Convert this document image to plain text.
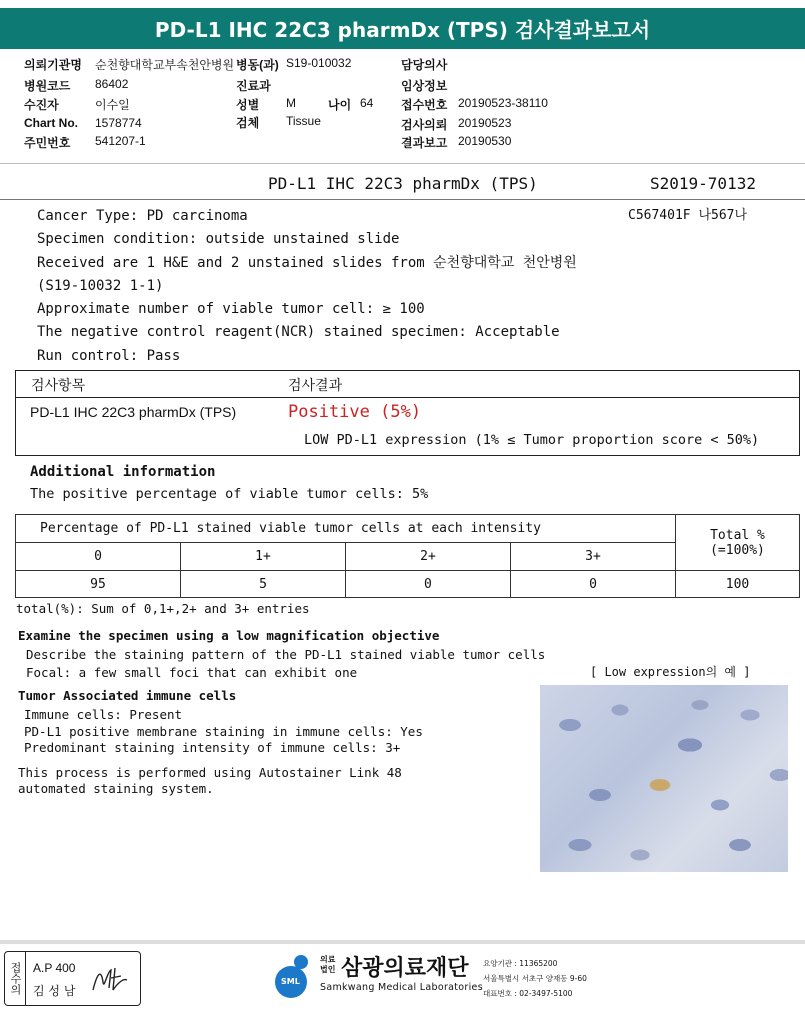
PD-L1 IHC 22C3 pharmDx (TPS) 검사결과보고서
의뢰기관명 순천향대학교부속천안병원 병동(과) S19-010032	담당의사
병원코드 86402	진료과	임상정보
수진자	이수일	성별 M	나이 64 접수번호 20190523-38110
Chart No. 1578774	검체 Tissue	검사의뢰 20190523
주민번호 541207-1	결과보고 20190530
PD-L1 IHC 22C3 pharmDx (TPS)	S2019-70132
C567401F 나567나
Cancer Type: PD carcinoma
Specimen condition: outside unstained slide
Received are 1 H&E and 2 unstained slides from 순천향대학교 천안병원
(S19-10032 1-1)
Approximate number of viable tumor cell: ≥ 100
The negative control reagent(NCR) stained specimen: Acceptable
Run control: Pass
검사항목	검사결과
PD-L1 IHC 22C3 pharmDx (TPS)	Positive (5%)
LOW PD-L1 expression (1% ≤ Tumor proportion score < 50%)
Additional information
The positive percentage of viable tumor cells: 5%
Percentage of PD-L1 stained viable tumor cells at each intensity				Total %
(=100%)

0	1+	2+	3+	
95	5	0	0	100
total(%): Sum of 0,1+,2+ and 3+ entries
Examine the specimen using a low magnification objective
Describe the staining pattern of the PD-L1 stained viable tumor cells
Focal: a few small foci that can exhibit one
Tumor Associated immune cells
Immune cells: Present
PD-L1 positive membrane staining in immune cells: Yes
Predominant staining intensity of immune cells: 3+
This process is performed using Autostainer Link 48
automated staining system.
[ Low expression의 예 ]
접수의 A.P 400
김 성 남
SML
의료
법인 삼광의료재단
Samkwang Medical Laboratories
요양기관 : 11365200
서울특별시 서초구 양재동 9-60
대표번호 : 02-3497-5100
